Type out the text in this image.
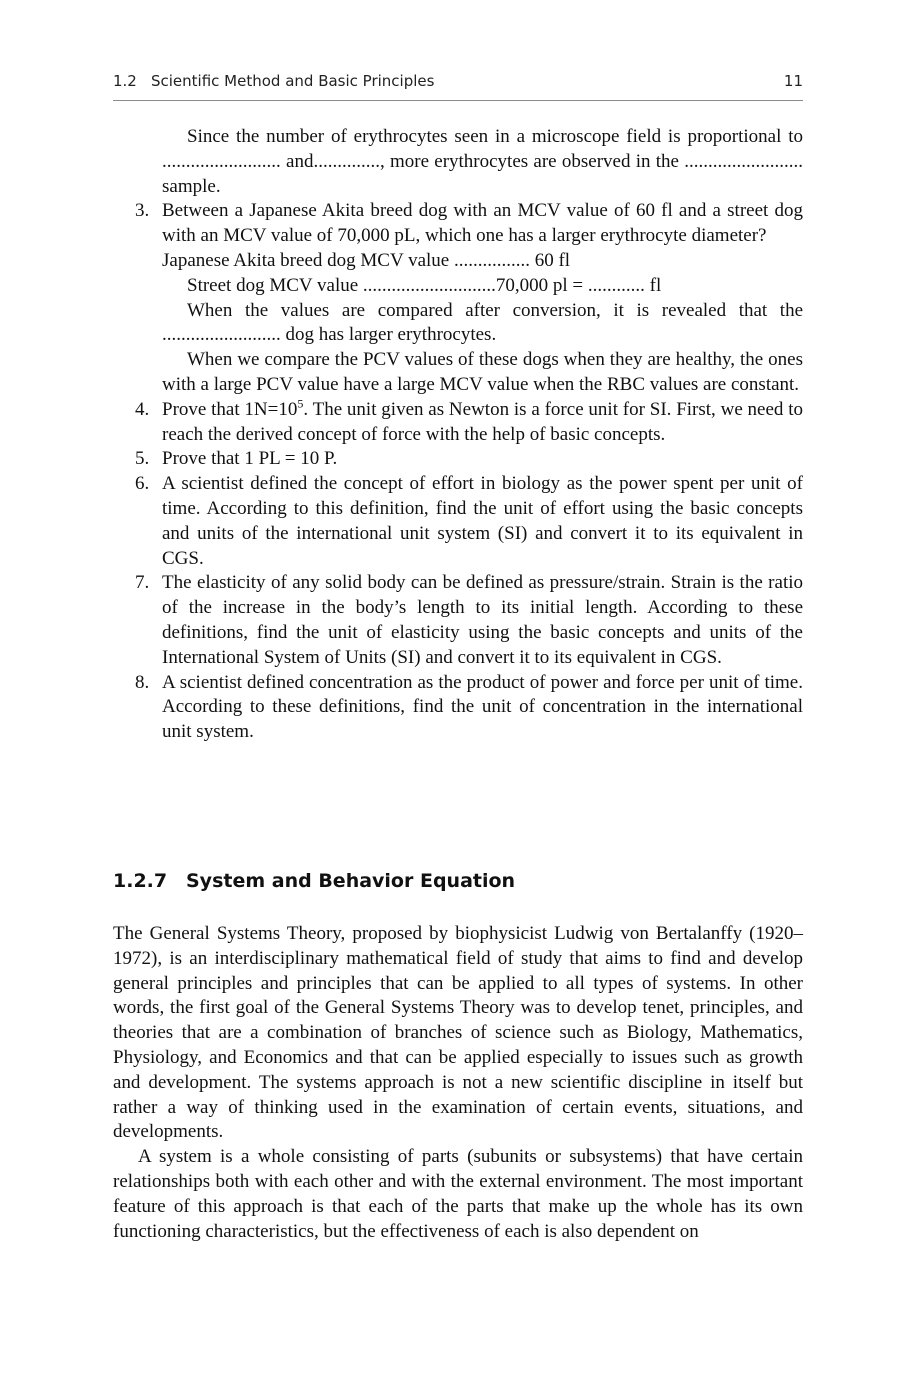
1.2 Scientific Method and Basic Principles	11

Since the number of erythrocytes seen in a microscope field is proportional to ......................... and.............., more erythrocytes are observed in the ......................... sample.

3. Between a Japanese Akita breed dog with an MCV value of 60 fl and a street dog with an MCV value of 70,000 pL, which one has a larger erythrocyte diameter?

Japanese Akita breed dog MCV value ................ 60 fl

Street dog MCV value ............................70,000 pl = ............ fl

When the values are compared after conversion, it is revealed that the ......................... dog has larger erythrocytes.

When we compare the PCV values of these dogs when they are healthy, the ones with a large PCV value have a large MCV value when the RBC values are constant.

4. Prove that $1N=10^5$. The unit given as Newton is a force unit for SI. First, we need to reach the derived concept of force with the help of basic concepts.

5. Prove that 1 PL = 10 P.

6. A scientist defined the concept of effort in biology as the power spent per unit of time. According to this definition, find the unit of effort using the basic concepts and units of the international unit system (SI) and convert it to its equivalent in CGS.

7. The elasticity of any solid body can be defined as pressure/strain. Strain is the ratio of the increase in the body’s length to its initial length. According to these definitions, find the unit of elasticity using the basic concepts and units of the International System of Units (SI) and convert it to its equivalent in CGS.

8. A scientist defined concentration as the product of power and force per unit of time. According to these definitions, find the unit of concentration in the international unit system.

1.2.7 System and Behavior Equation

The General Systems Theory, proposed by biophysicist Ludwig von Bertalanffy (1920–1972), is an interdisciplinary mathematical field of study that aims to find and develop general principles and principles that can be applied to all types of systems. In other words, the first goal of the General Systems Theory was to develop tenet, principles, and theories that are a combination of branches of science such as Biology, Mathematics, Physiology, and Economics and that can be applied especially to issues such as growth and development. The systems approach is not a new scientific discipline in itself but rather a way of thinking used in the examination of certain events, situations, and developments.

A system is a whole consisting of parts (subunits or subsystems) that have certain relationships both with each other and with the external environment. The most important feature of this approach is that each of the parts that make up the whole has its own functioning characteristics, but the effectiveness of each is also dependent on
